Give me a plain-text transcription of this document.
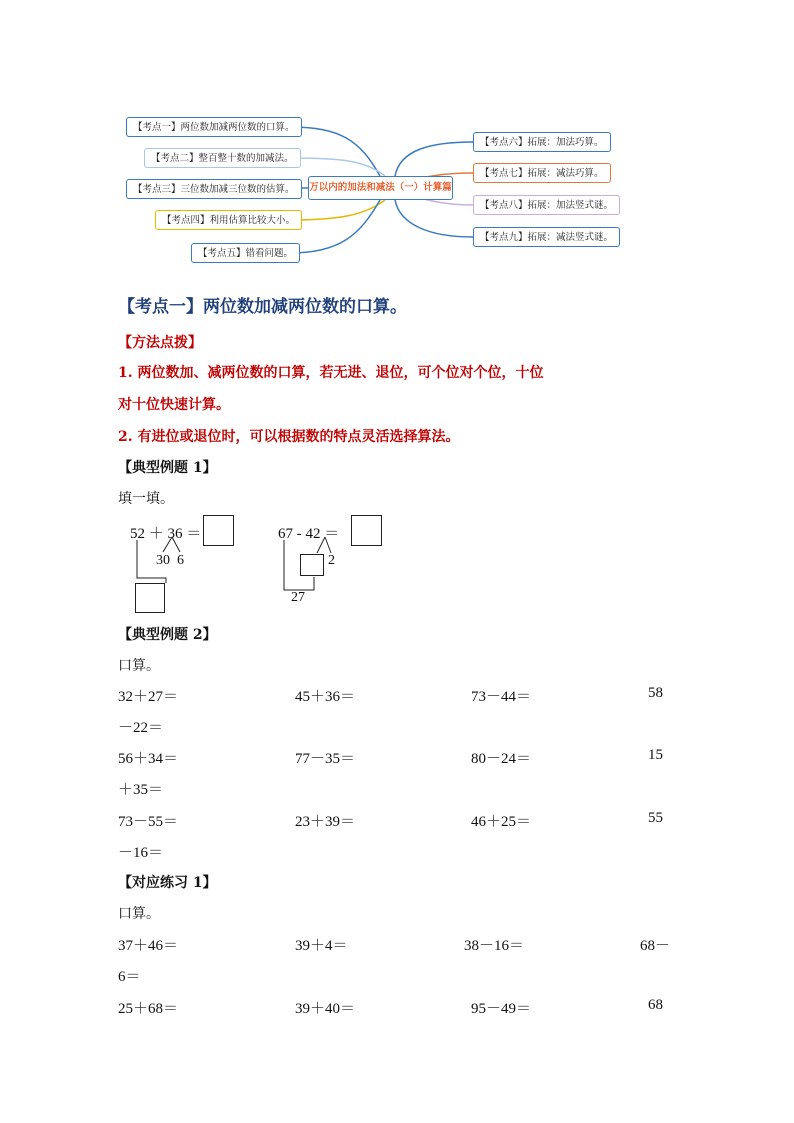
万以内的加法和减法（一）计算篇
【考点一】两位数加减两位数的口算。
【考点二】整百整十数的加减法。
【考点三】三位数加减三位数的估算。
【考点四】利用估算比较大小。
【考点五】错看问题。
【考点六】拓展：加法巧算。
【考点七】拓展：减法巧算。
【考点八】拓展：加法竖式谜。
【考点九】拓展：减法竖式谜。
【考点一】两位数加减两位数的口算。
【方法点拨】
1. 两位数加、减两位数的口算，若无进、退位，可个位对个位，十位
对十位快速计算。
2. 有进位或退位时，可以根据数的特点灵活选择算法。
【典型例题 1】
填一填。
52 ＋ 36 ＝
30 6
67 - 42 ＝
2
27
【典型例题 2】
口算。
32＋27＝	45＋36＝	73－44＝	58
－22＝
56＋34＝	77－35＝	80－24＝	15
＋35＝
73－55＝	23＋39＝	46＋25＝	55
－16＝
【对应练习 1】
口算。
37＋46＝	39＋4＝	38－16＝	68－
6＝
25＋68＝	39＋40＝	95－49＝	68
